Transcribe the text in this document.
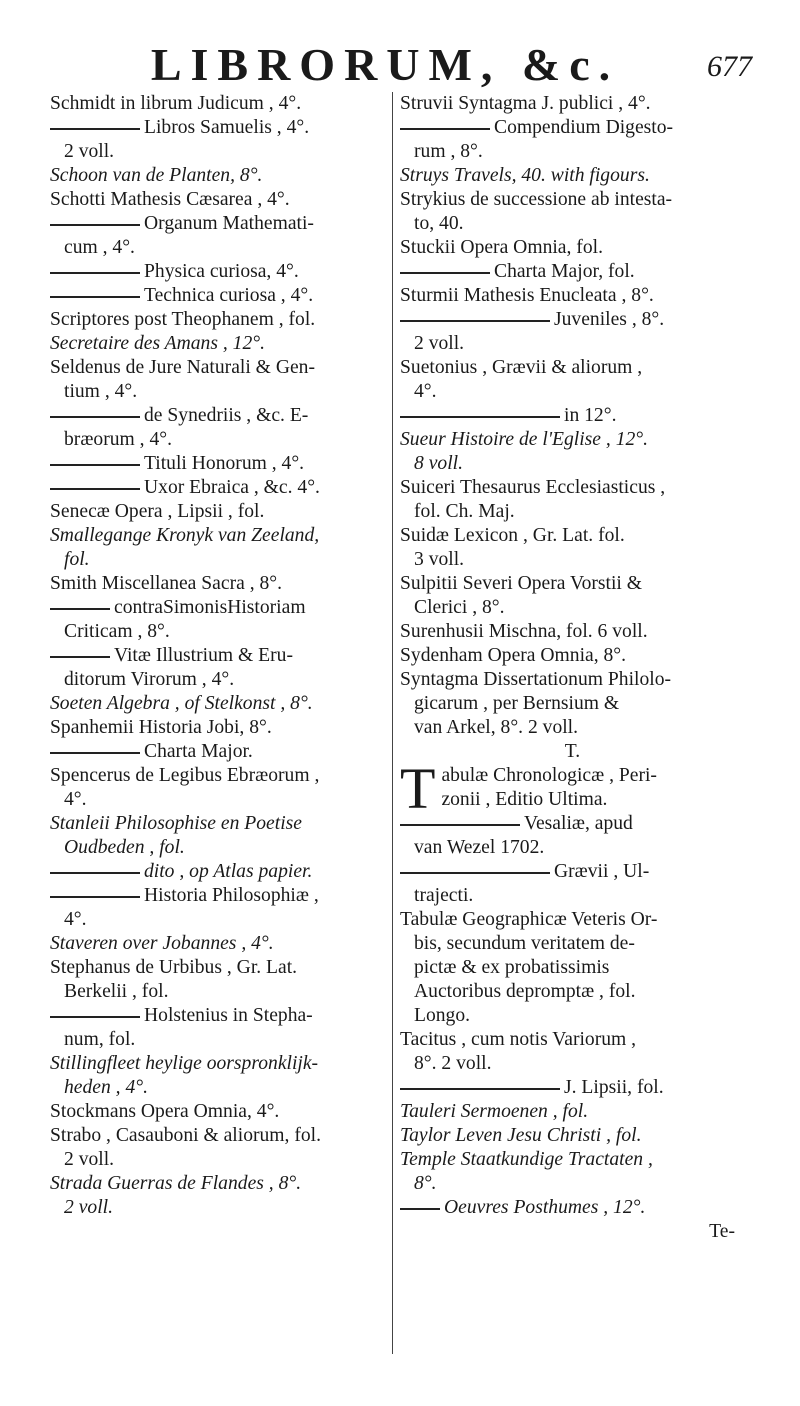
LIBRORUM, &c.	677
Schmidt in librum Judicum , 4°.
Libros Samuelis , 4°.
2 voll.
Schoon van de Planten, 8°.
Schotti Mathesis Cæsarea , 4°.
Organum Mathemati-
cum , 4°.
Physica curiosa, 4°.
Technica curiosa , 4°.
Scriptores post Theophanem , fol.
Secretaire des Amans , 12°.
Seldenus de Jure Naturali & Gen-
tium , 4°.
de Synedriis , &c. E-
bræorum , 4°.
Tituli Honorum , 4°.
Uxor Ebraica , &c. 4°.
Senecæ Opera , Lipsii , fol.
Smallegange Kronyk van Zeeland,
fol.
Smith Miscellanea Sacra , 8°.
contraSimonisHistoriam
Criticam , 8°.
Vitæ Illustrium & Eru-
ditorum Virorum , 4°.
Soeten Algebra , of Stelkonst , 8°.
Spanhemii Historia Jobi, 8°.
Charta Major.
Spencerus de Legibus Ebræorum ,
4°.
Stanleii Philosophise en Poetise
Oudbeden , fol.
dito , op Atlas papier.
Historia Philosophiæ ,
4°.
Staveren over Jobannes , 4°.
Stephanus de Urbibus , Gr. Lat.
Berkelii , fol.
Holstenius in Stepha-
num, fol.
Stillingfleet heylige oorspronklijk-
heden , 4°.
Stockmans Opera Omnia, 4°.
Strabo , Casauboni & aliorum, fol.
2 voll.
Strada Guerras de Flandes , 8°.
2 voll.
Struvii Syntagma J. publici , 4°.
Compendium Digesto-
rum , 8°.
Struys Travels, 40. with figours.
Strykius de successione ab intesta-
to, 40.
Stuckii Opera Omnia, fol.
Charta Major, fol.
Sturmii Mathesis Enucleata , 8°.
Juveniles , 8°.
2 voll.
Suetonius , Grævii & aliorum ,
4°.
in 12°.
Sueur Histoire de l'Eglise , 12°.
8 voll.
Suiceri Thesaurus Ecclesiasticus ,
fol. Ch. Maj.
Suidæ Lexicon , Gr. Lat. fol.
3 voll.
Sulpitii Severi Opera Vorstii &
Clerici , 8°.
Surenhusii Mischna, fol. 6 voll.
Sydenham Opera Omnia, 8°.
Syntagma Dissertationum Philolo-
gicarum , per Bernsium &
van Arkel, 8°. 2 voll.
T.
Tabulæ Chronologicæ , Peri-
zonii , Editio Ultima.
Vesaliæ, apud
van Wezel 1702.
Grævii , Ul-
trajecti.
Tabulæ Geographicæ Veteris Or-
bis, secundum veritatem de-
pictæ & ex probatissimis
Auctoribus depromptæ , fol.
Longo.
Tacitus , cum notis Variorum ,
8°. 2 voll.
J. Lipsii, fol.
Tauleri Sermoenen , fol.
Taylor Leven Jesu Christi , fol.
Temple Staatkundige Tractaten ,
8°.
Oeuvres Posthumes , 12°.
Te-
